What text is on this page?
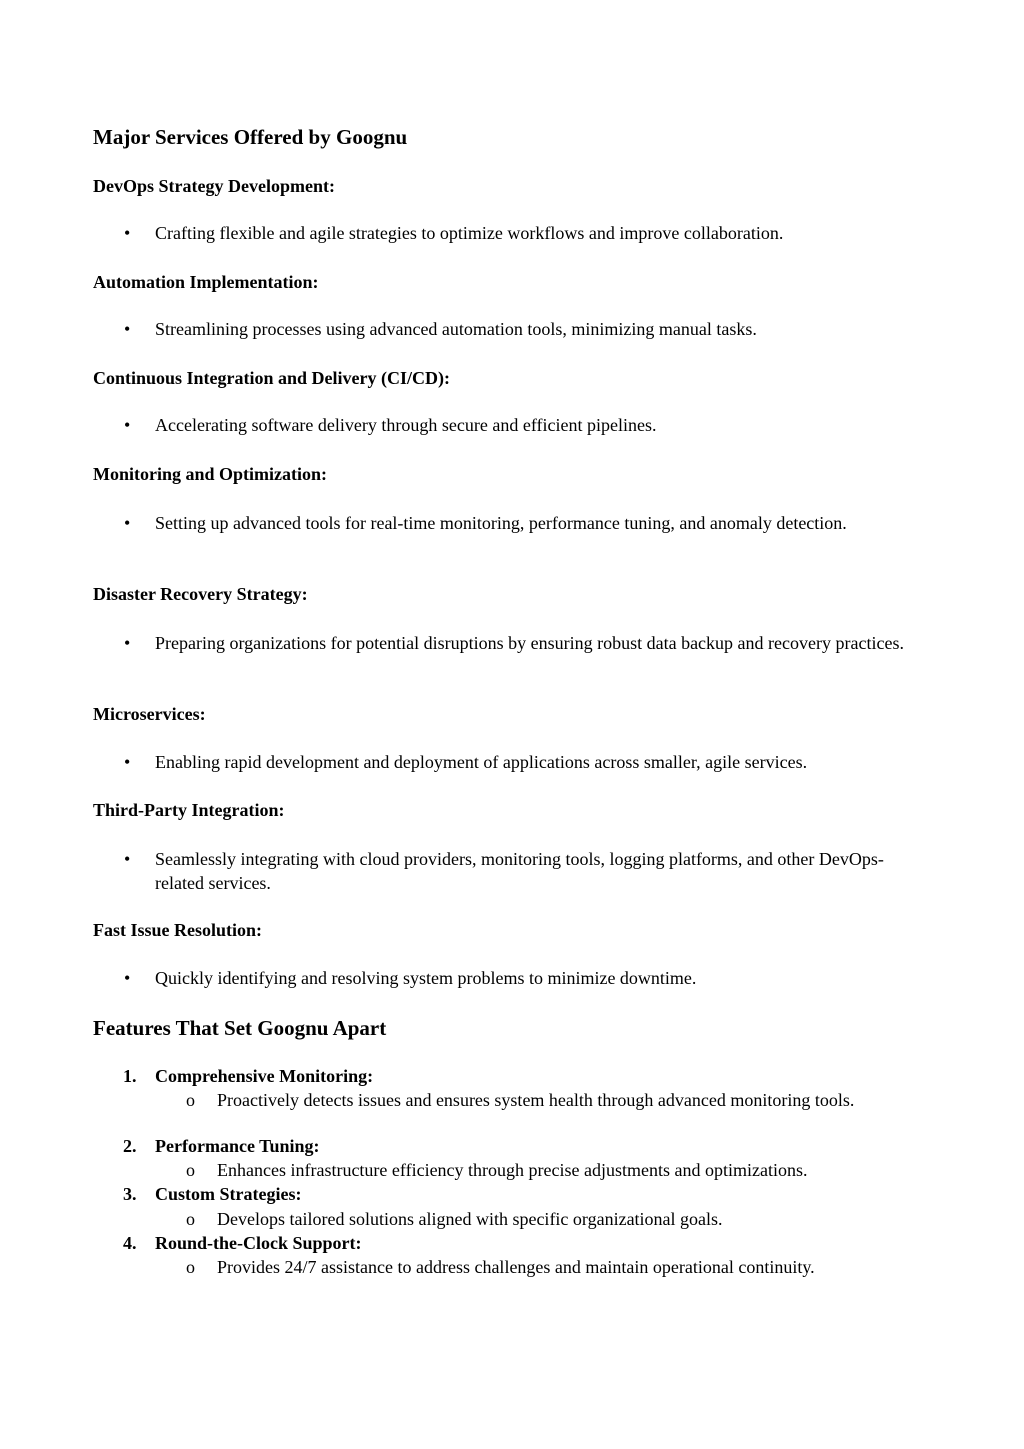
Major Services Offered by Goognu
DevOps Strategy Development:
• Crafting flexible and agile strategies to optimize workflows and improve collaboration.
Automation Implementation:
• Streamlining processes using advanced automation tools, minimizing manual tasks.
Continuous Integration and Delivery (CI/CD):
• Accelerating software delivery through secure and efficient pipelines.
Monitoring and Optimization:
• Setting up advanced tools for real-time monitoring, performance tuning, and anomaly detection.
Disaster Recovery Strategy:
• Preparing organizations for potential disruptions by ensuring robust data backup and recovery practices.
Microservices:
• Enabling rapid development and deployment of applications across smaller, agile services.
Third-Party Integration:
• Seamlessly integrating with cloud providers, monitoring tools, logging platforms, and other DevOps-related services.
Fast Issue Resolution:
• Quickly identifying and resolving system problems to minimize downtime.
Features That Set Goognu Apart
1. Comprehensive Monitoring:
o Proactively detects issues and ensures system health through advanced monitoring tools.
2. Performance Tuning:
o Enhances infrastructure efficiency through precise adjustments and optimizations.
3. Custom Strategies:
o Develops tailored solutions aligned with specific organizational goals.
4. Round-the-Clock Support:
o Provides 24/7 assistance to address challenges and maintain operational continuity.
